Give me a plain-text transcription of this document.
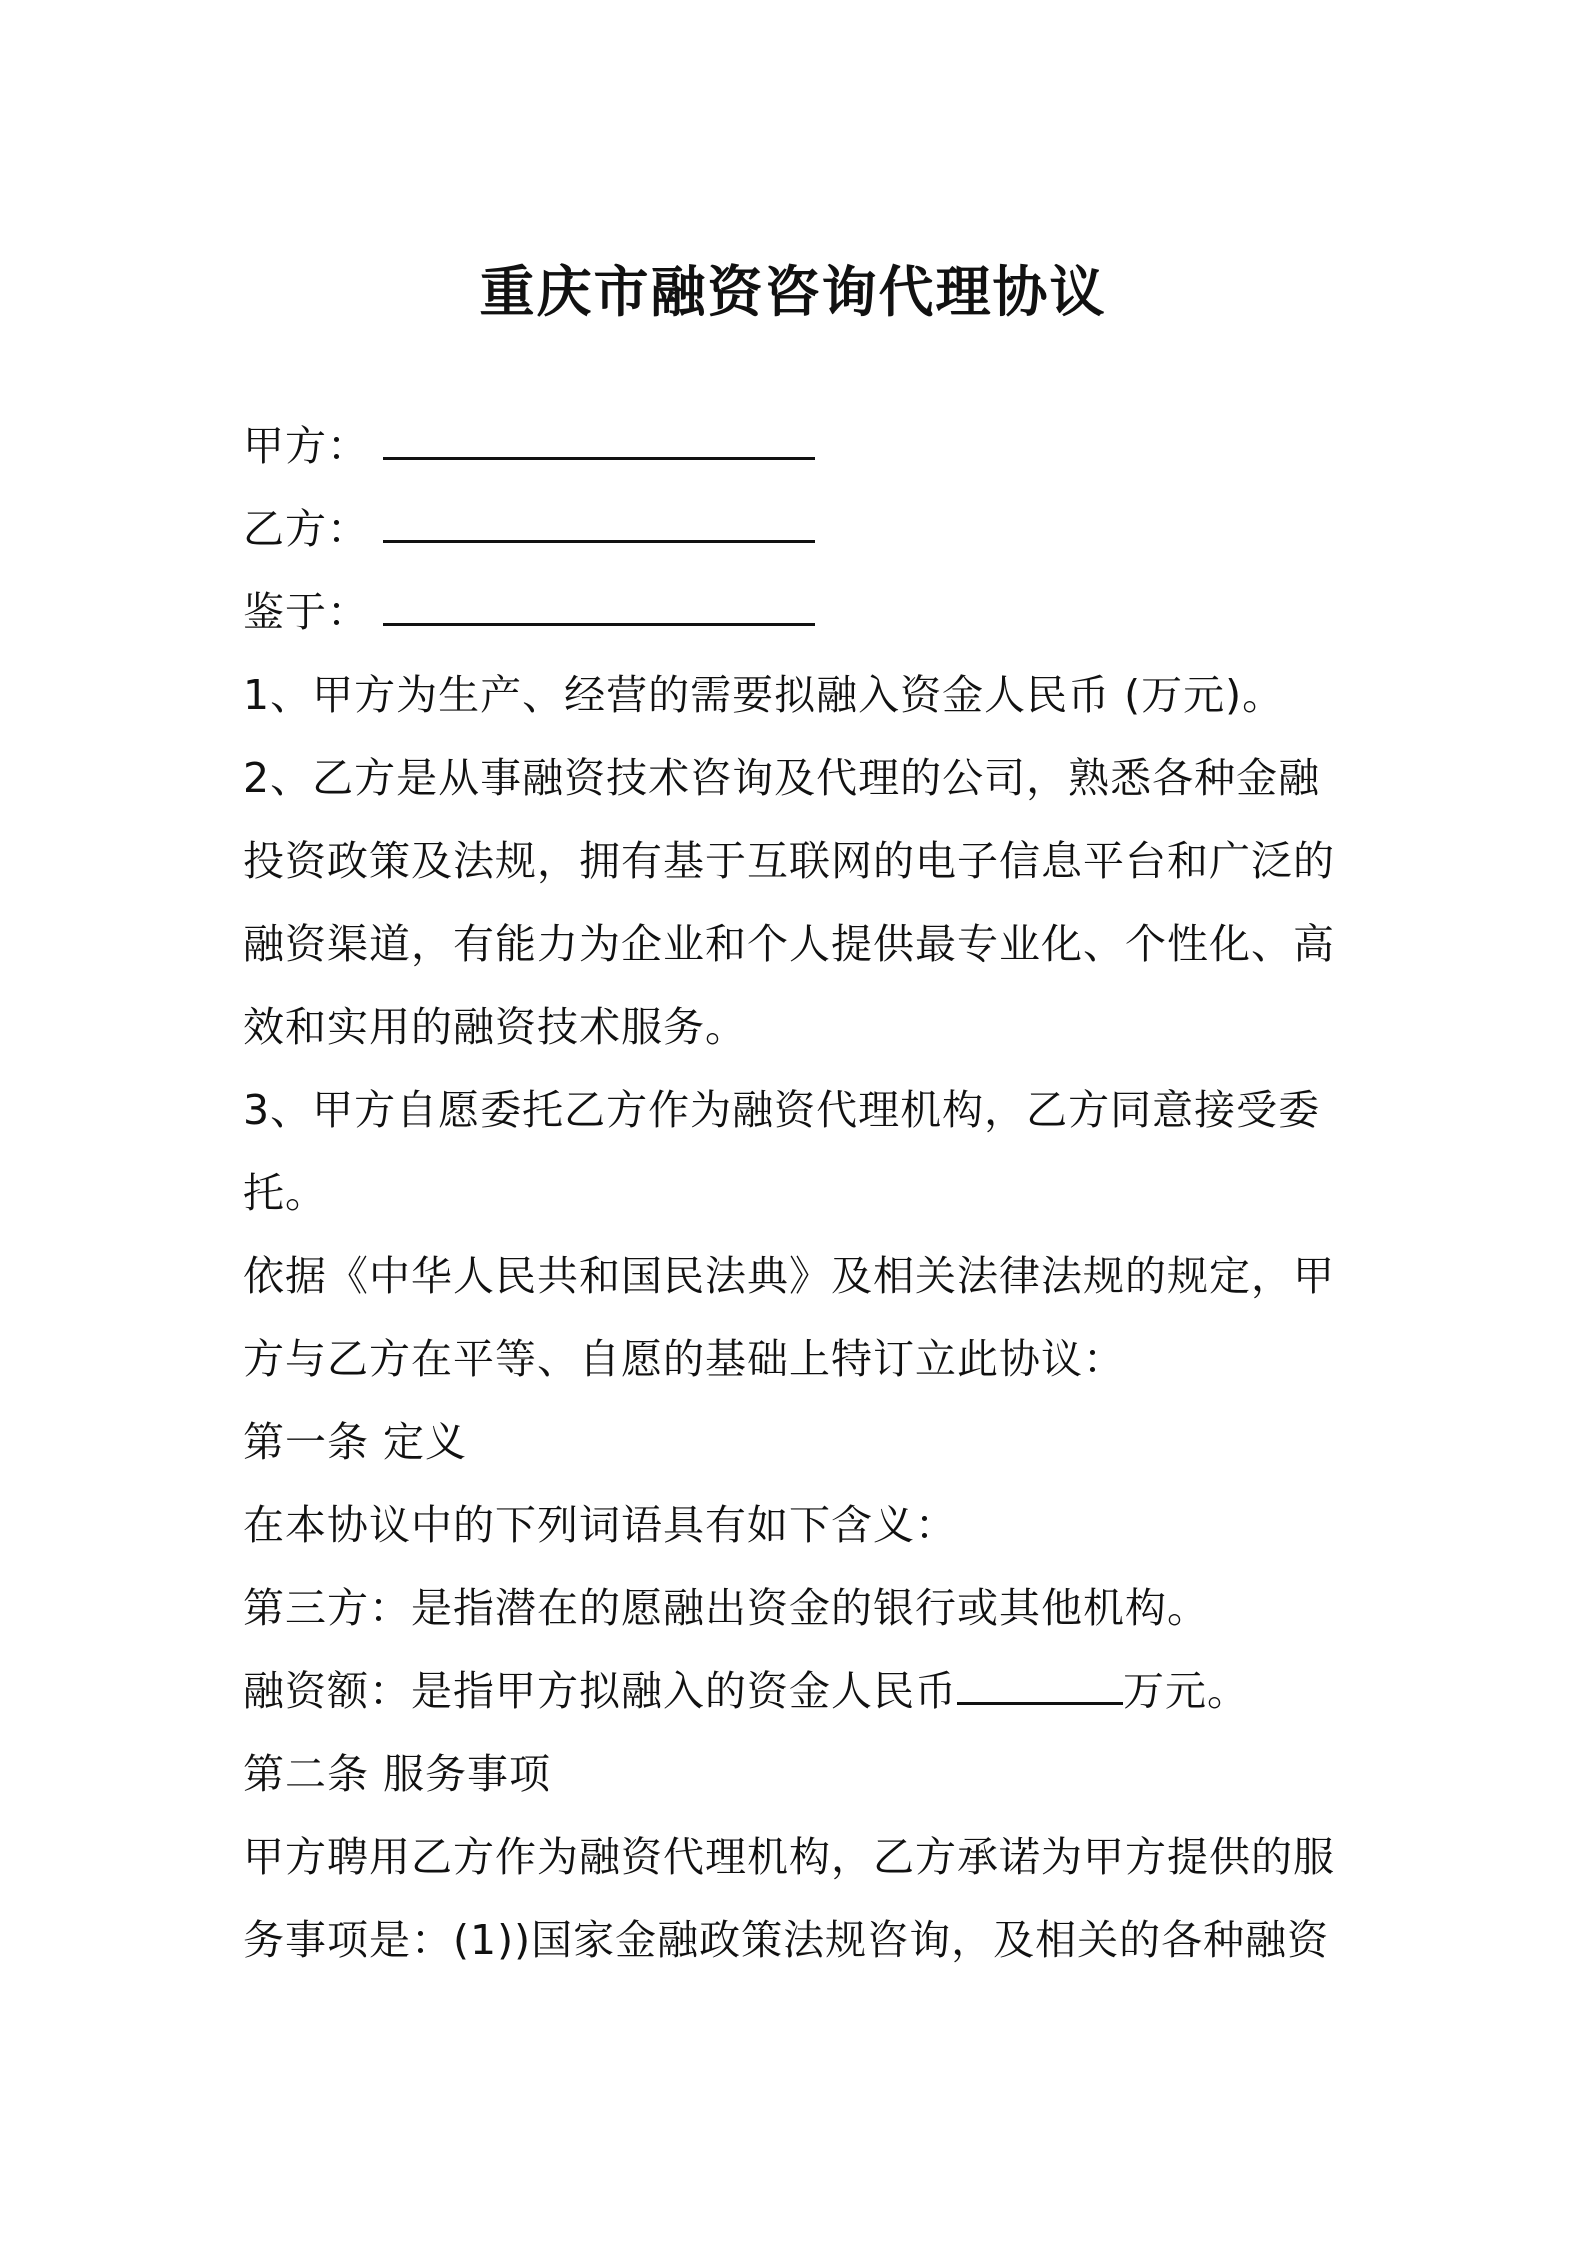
重庆市融资咨询代理协议
甲方：
乙方：
鉴于：
1、甲方为生产、经营的需要拟融入资金人民币 (万元)。
2、乙方是从事融资技术咨询及代理的公司，熟悉各种金融
投资政策及法规，拥有基于互联网的电子信息平台和广泛的
融资渠道，有能力为企业和个人提供最专业化、个性化、高
效和实用的融资技术服务。
3、甲方自愿委托乙方作为融资代理机构，乙方同意接受委
托。
依据《中华人民共和国民法典》及相关法律法规的规定，甲
方与乙方在平等、自愿的基础上特订立此协议：
第一条 定义
在本协议中的下列词语具有如下含义：
第三方：是指潜在的愿融出资金的银行或其他机构。
融资额：是指甲方拟融入的资金人民币	万元。
第二条 服务事项
甲方聘用乙方作为融资代理机构，乙方承诺为甲方提供的服
务事项是：(1))国家金融政策法规咨询，及相关的各种融资
